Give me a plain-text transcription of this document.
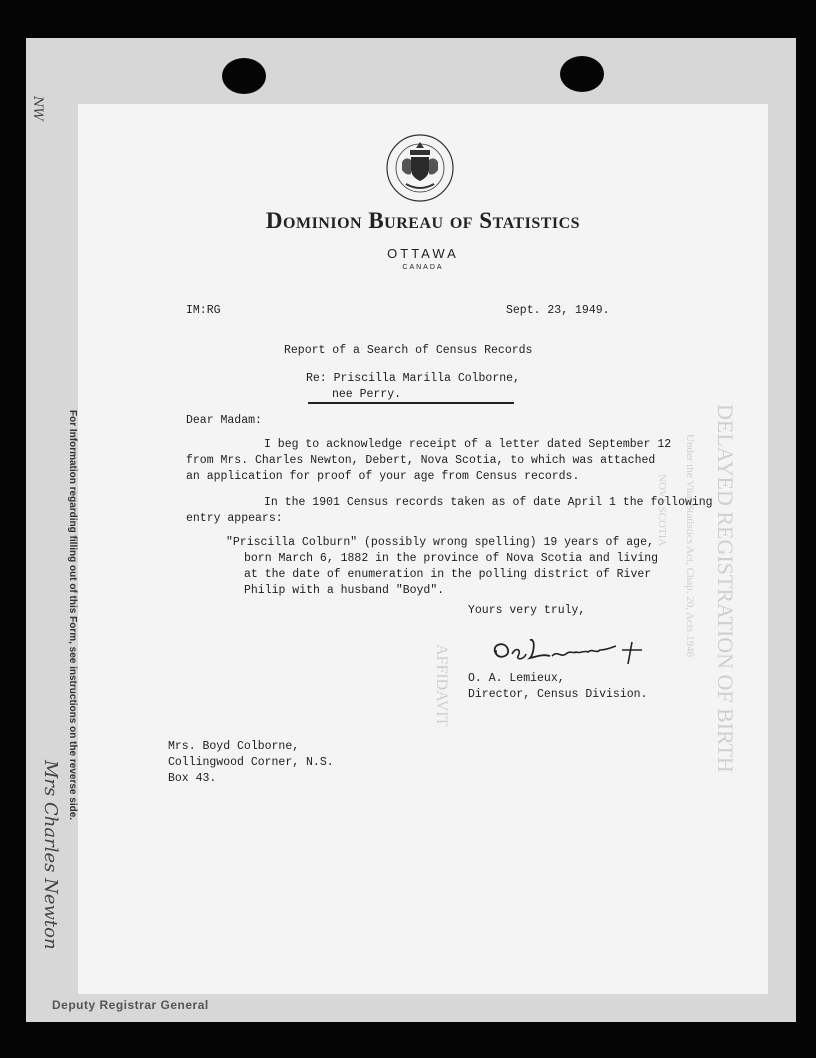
For Information regarding filling out of this Form, see instructions on the reverse side.
NW
Mrs Charles Newton
Deputy Registrar General
DELAYED REGISTRATION OF BIRTH
Under the Vital Statistics Act, Chap. 20, Acts 1946
AFFIDAVIT
NOVA SCOTIA
Dominion Bureau of Statistics
OTTAWA
CANADA
IM:RG	Sept. 23, 1949.
Report of a Search of Census Records
Re: Priscilla Marilla Colborne,
nee Perry.
Dear Madam:
I beg to acknowledge receipt of a letter dated September 12
from Mrs. Charles Newton, Debert, Nova Scotia, to which was attached
an application for proof of your age from Census records.
In the 1901 Census records taken as of date April 1 the following
entry appears:
"Priscilla Colburn" (possibly wrong spelling) 19 years of age,
born March 6, 1882 in the province of Nova Scotia and living
at the date of enumeration in the polling district of River
Philip with a husband "Boyd".
Yours very truly,
O. A. Lemieux,
Director, Census Division.
Mrs. Boyd Colborne,
Collingwood Corner, N.S.
Box 43.
